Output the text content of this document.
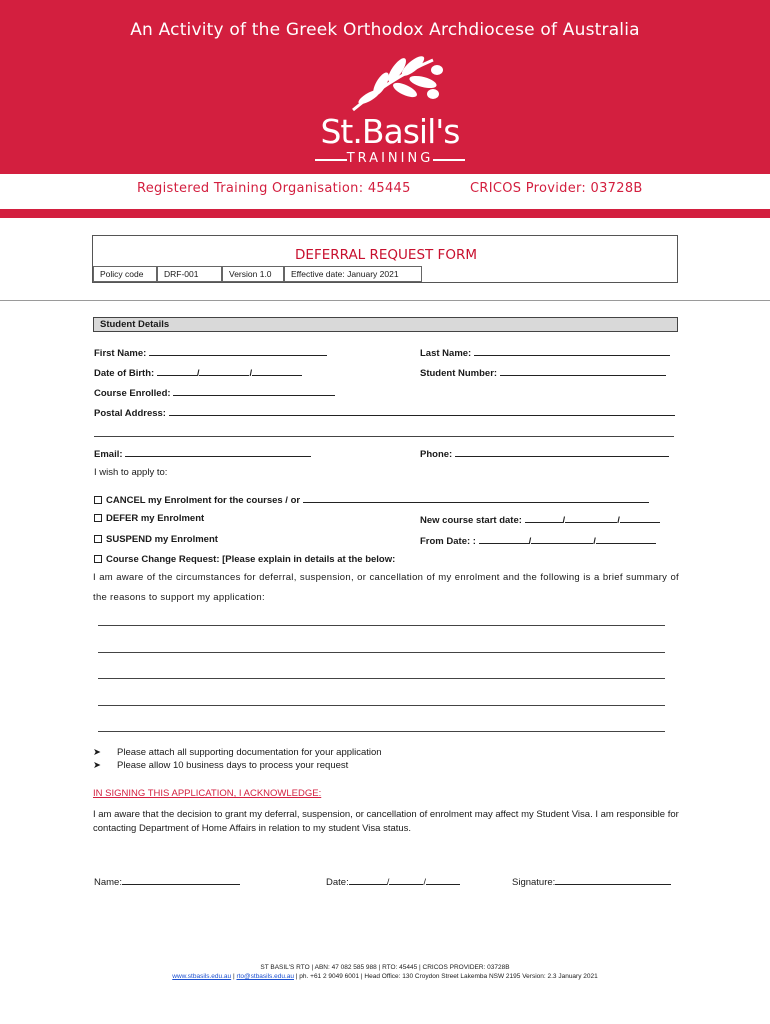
An Activity of the Greek Orthodox Archdiocese of Australia
St.Basil's
TRAINING
Registered Training Organisation: 45445	CRICOS Provider: 03728B
DEFERRAL REQUEST FORM
Policy code	DRF-001	Version 1.0	Effective date: January 2021
Student Details
First Name:	Last Name:
Date of Birth:	/	/	Student Number:
Course Enrolled:
Postal Address:
Email:	Phone:
I wish to apply to:
CANCEL my Enrolment for the courses / or
DEFER my Enrolment	New course start date:	/	/
SUSPEND my Enrolment	From Date: :	/	/
Course Change Request: [Please explain in details at the below:
I am aware of the circumstances for deferral, suspension, or cancellation of my enrolment and the following is a brief summary of the reasons to support my application:
➤ Please attach all supporting documentation for your application
➤ Please allow 10 business days to process your request
IN SIGNING THIS APPLICATION, I ACKNOWLEDGE:
I am aware that the decision to grant my deferral, suspension, or cancellation of enrolment may affect my Student Visa. I am responsible for contacting Department of Home Affairs in relation to my student Visa status.
Name:	Date:	/	/	Signature:
ST BASIL'S RTO | ABN: 47 082 585 988 | RTO: 45445 | CRICOS PROVIDER: 03728B
www.stbasils.edu.au | rto@stbasils.edu.au | ph. +61 2 9049 6001 | Head Office: 130 Croydon Street Lakemba NSW 2195 Version: 2.3 January 2021
